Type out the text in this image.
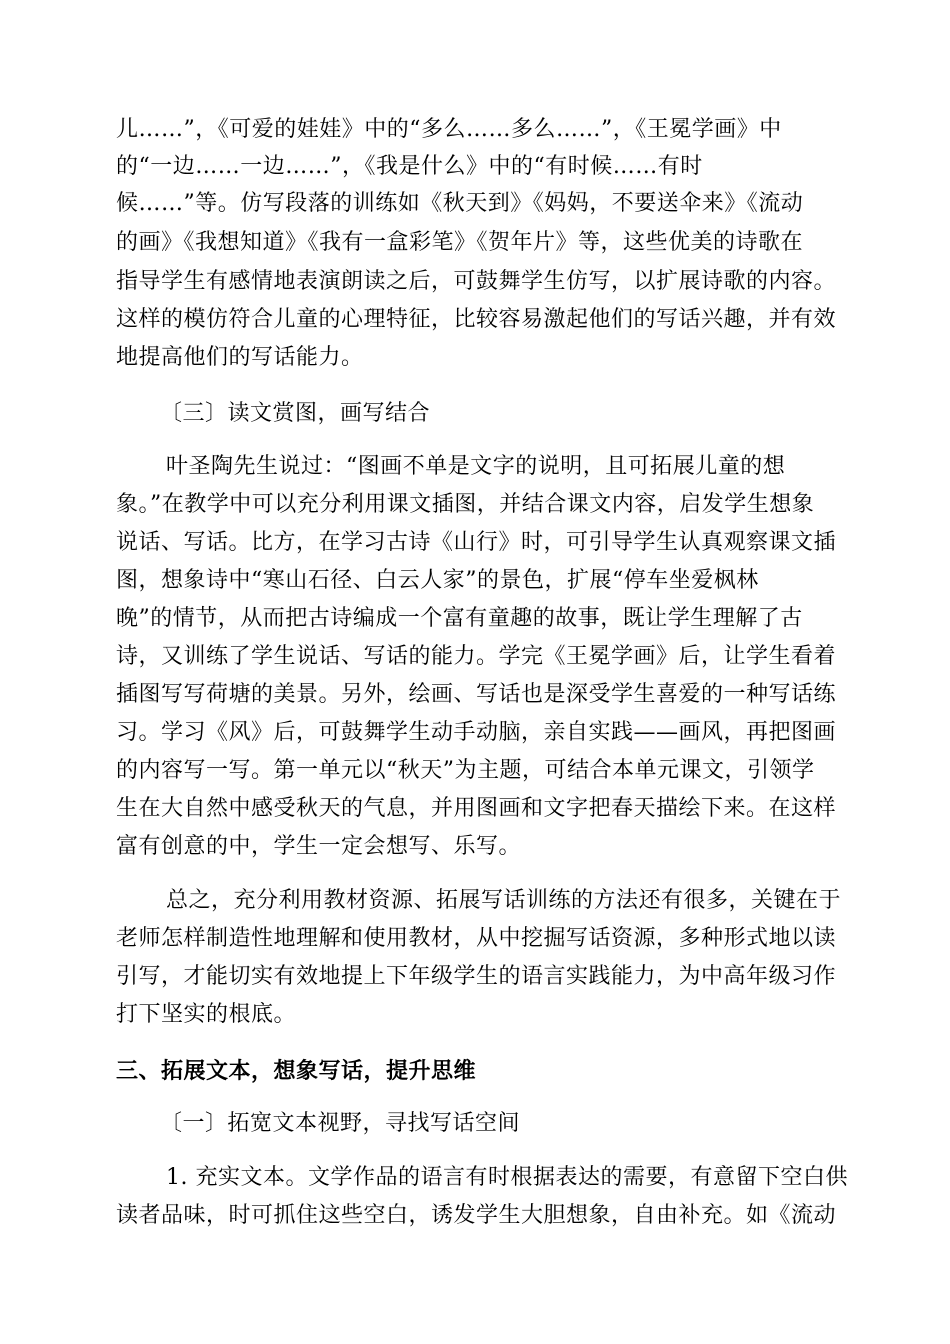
儿……”，《可爱的娃娃》中的“多么……多么……”，《王冕学画》中
的“一边……一边……”，《我是什么》中的“有时候……有时
候……”等。仿写段落的训练如《秋天到》《妈妈，不要送伞来》《流动
的画》《我想知道》《我有一盒彩笔》《贺年片》等，这些优美的诗歌在
指导学生有感情地表演朗读之后，可鼓舞学生仿写，以扩展诗歌的内容。
这样的模仿符合儿童的心理特征，比较容易激起他们的写话兴趣，并有效
地提高他们的写话能力。
〔三〕读文赏图，画写结合
叶圣陶先生说过：“图画不单是文字的说明，且可拓展儿童的想
象。”在教学中可以充分利用课文插图，并结合课文内容，启发学生想象
说话、写话。比方，在学习古诗《山行》时，可引导学生认真观察课文插
图，想象诗中“寒山石径、白云人家”的景色，扩展“停车坐爱枫林
晚”的情节，从而把古诗编成一个富有童趣的故事，既让学生理解了古
诗，又训练了学生说话、写话的能力。学完《王冕学画》后，让学生看着
插图写写荷塘的美景。另外，绘画、写话也是深受学生喜爱的一种写话练
习。学习《风》后，可鼓舞学生动手动脑，亲自实践——画风，再把图画
的内容写一写。第一单元以“秋天”为主题，可结合本单元课文，引领学
生在大自然中感受秋天的气息，并用图画和文字把春天描绘下来。在这样
富有创意的中，学生一定会想写、乐写。
总之，充分利用教材资源、拓展写话训练的方法还有很多，关键在于
老师怎样制造性地理解和使用教材，从中挖掘写话资源，多种形式地以读
引写，才能切实有效地提上下年级学生的语言实践能力，为中高年级习作
打下坚实的根底。
三、拓展文本，想象写话，提升思维
〔一〕拓宽文本视野，寻找写话空间
1. 充实文本。文学作品的语言有时根据表达的需要，有意留下空白供
读者品味，时可抓住这些空白，诱发学生大胆想象，自由补充。如《流动
